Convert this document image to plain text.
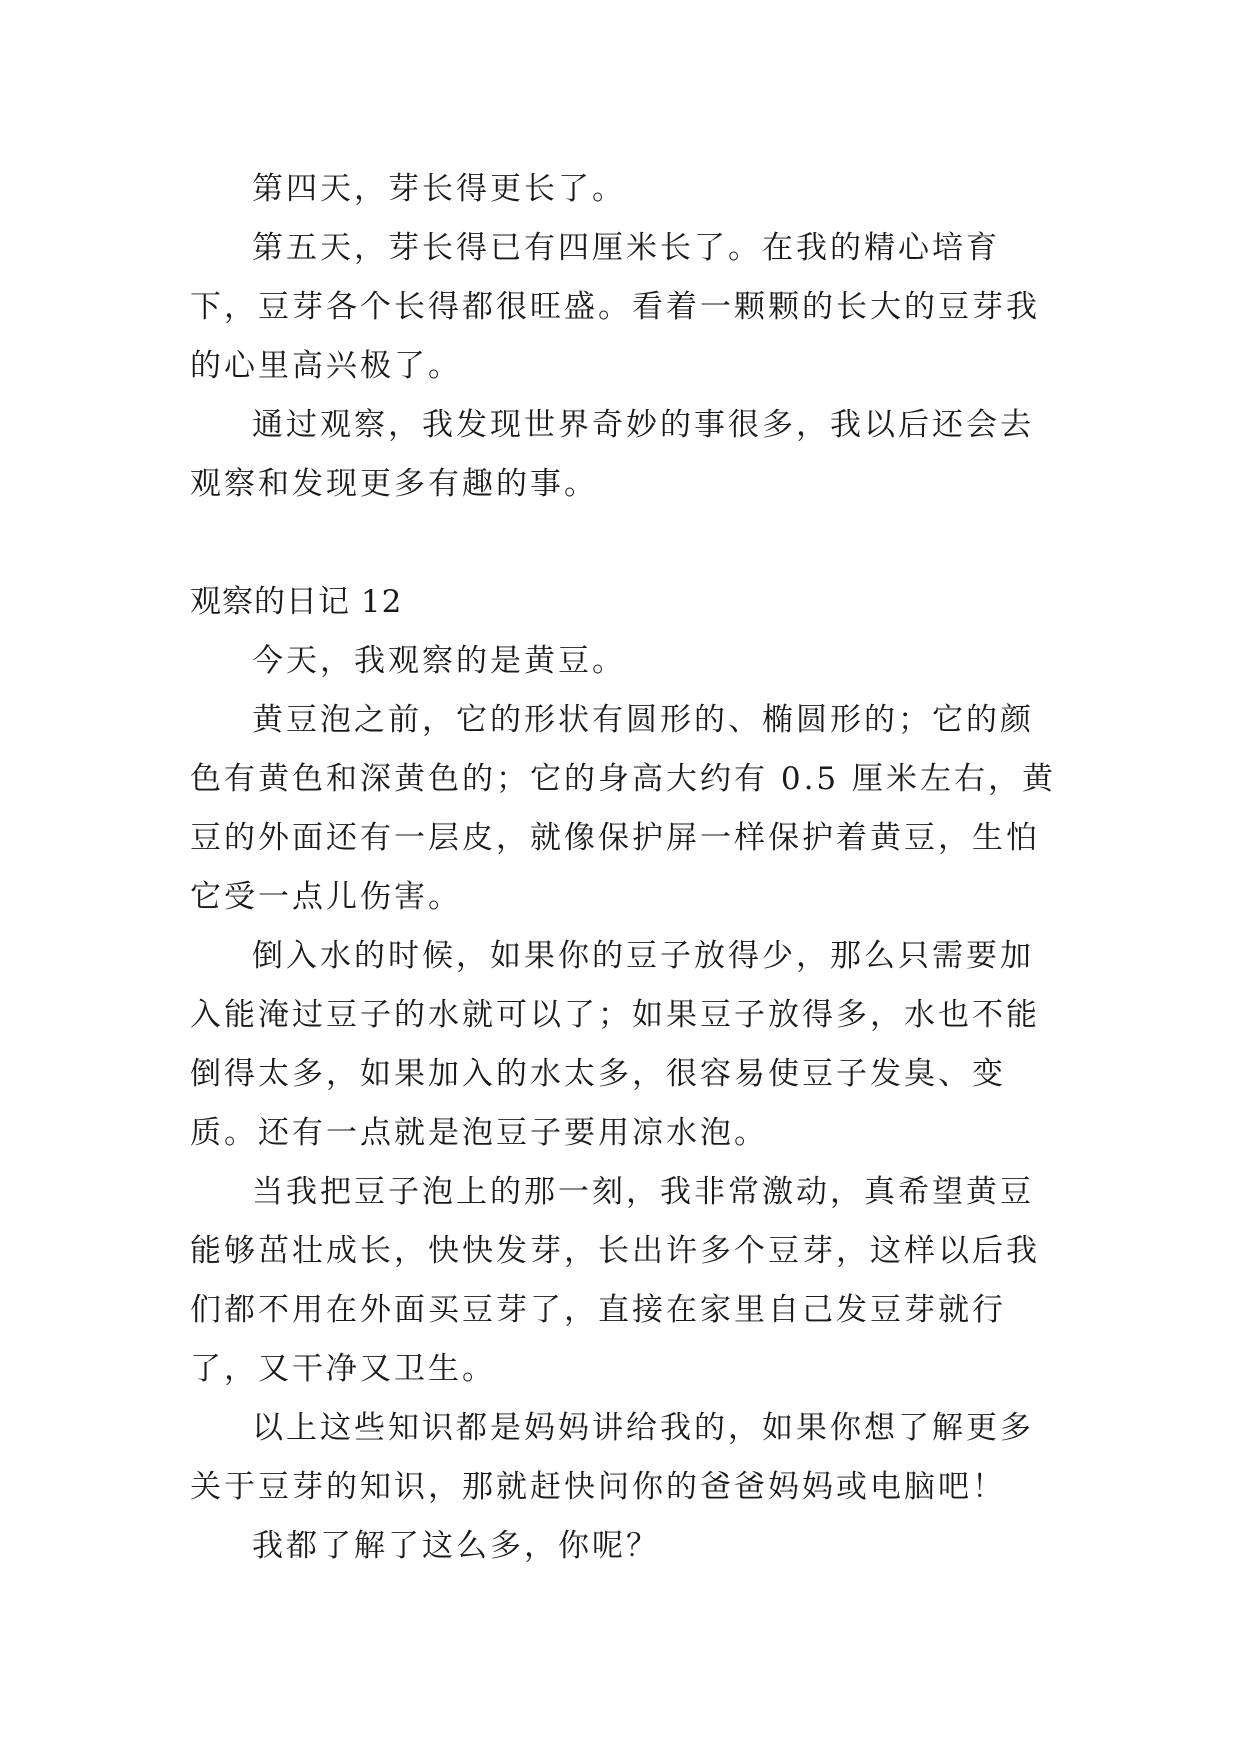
第四天，芽长得更长了。

第五天，芽长得已有四厘米长了。在我的精心培育下，豆芽各个长得都很旺盛。看着一颗颗的长大的豆芽我的心里高兴极了。

通过观察，我发现世界奇妙的事很多，我以后还会去观察和发现更多有趣的事。

观察的日记 12

今天，我观察的是黄豆。

黄豆泡之前，它的形状有圆形的、椭圆形的；它的颜色有黄色和深黄色的；它的身高大约有 0.5 厘米左右，黄豆的外面还有一层皮，就像保护屏一样保护着黄豆，生怕它受一点儿伤害。

倒入水的时候，如果你的豆子放得少，那么只需要加入能淹过豆子的水就可以了；如果豆子放得多，水也不能倒得太多，如果加入的水太多，很容易使豆子发臭、变质。还有一点就是泡豆子要用凉水泡。

当我把豆子泡上的那一刻，我非常激动，真希望黄豆能够茁壮成长，快快发芽，长出许多个豆芽，这样以后我们都不用在外面买豆芽了，直接在家里自己发豆芽就行了，又干净又卫生。

以上这些知识都是妈妈讲给我的，如果你想了解更多关于豆芽的知识，那就赶快问你的爸爸妈妈或电脑吧！

我都了解了这么多，你呢？
